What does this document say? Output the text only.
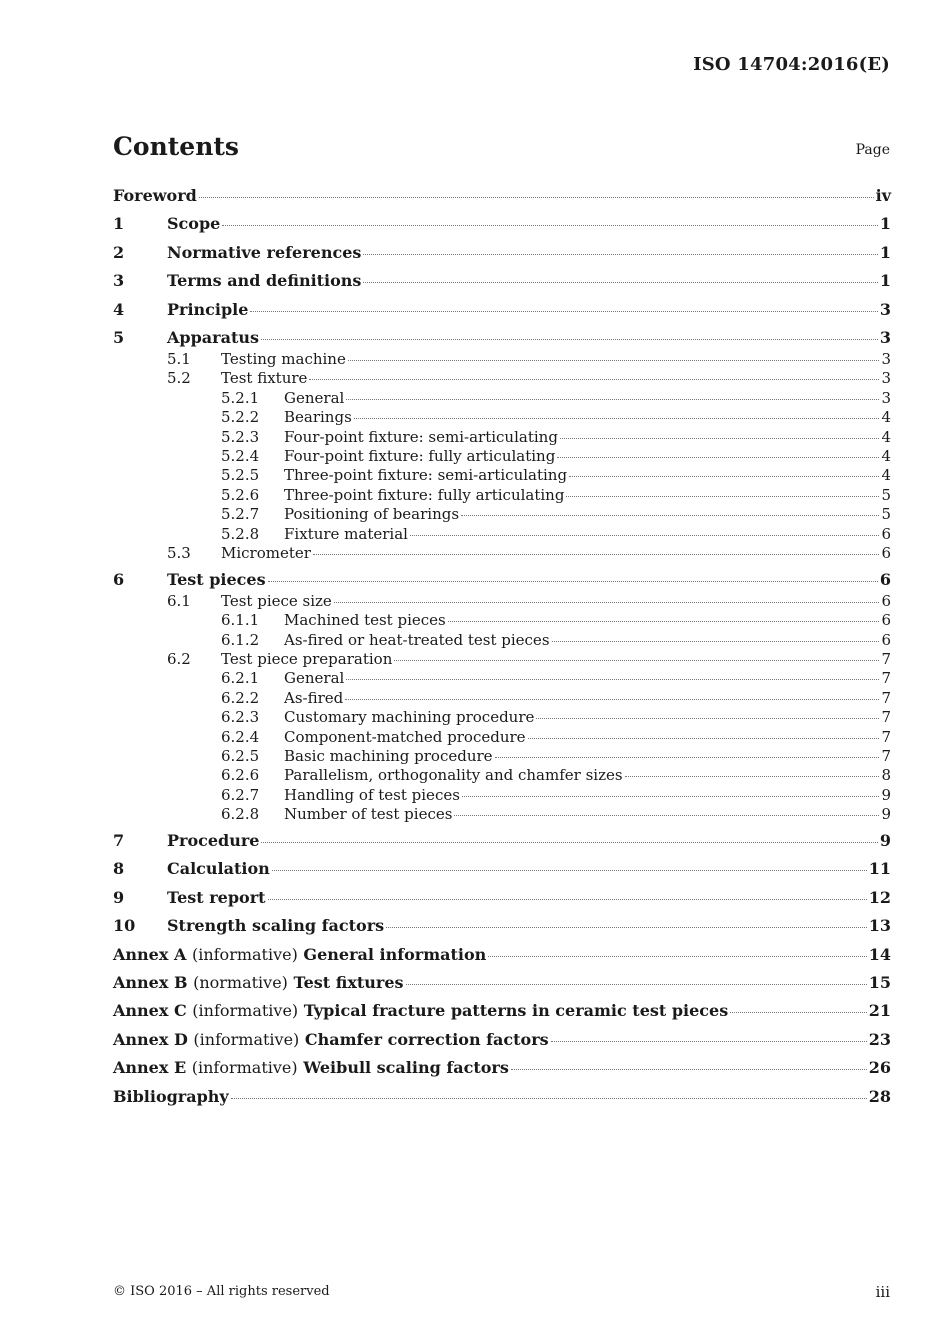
ISO 14704:2016(E)
Contents	Page
Foreword	iv
1	Scope	1
2	Normative references	1
3	Terms and definitions	1
4	Principle	3
5	Apparatus	3
5.1	Testing machine	3
5.2	Test fixture	3
5.2.1	General	3
5.2.2	Bearings	4
5.2.3	Four-point fixture: semi-articulating	4
5.2.4	Four-point fixture: fully articulating	4
5.2.5	Three-point fixture: semi-articulating	4
5.2.6	Three-point fixture: fully articulating	5
5.2.7	Positioning of bearings	5
5.2.8	Fixture material	6
5.3	Micrometer	6
6	Test pieces	6
6.1	Test piece size	6
6.1.1	Machined test pieces	6
6.1.2	As-fired or heat-treated test pieces	6
6.2	Test piece preparation	7
6.2.1	General	7
6.2.2	As-fired	7
6.2.3	Customary machining procedure	7
6.2.4	Component-matched procedure	7
6.2.5	Basic machining procedure	7
6.2.6	Parallelism, orthogonality and chamfer sizes	8
6.2.7	Handling of test pieces	9
6.2.8	Number of test pieces	9
7	Procedure	9
8	Calculation	11
9	Test report	12
10	Strength scaling factors	13
Annex A (informative) General information	14
Annex B (normative) Test fixtures	15
Annex C (informative) Typical fracture patterns in ceramic test pieces	21
Annex D (informative) Chamfer correction factors	23
Annex E (informative) Weibull scaling factors	26
Bibliography	28
© ISO 2016 – All rights reserved	iii
